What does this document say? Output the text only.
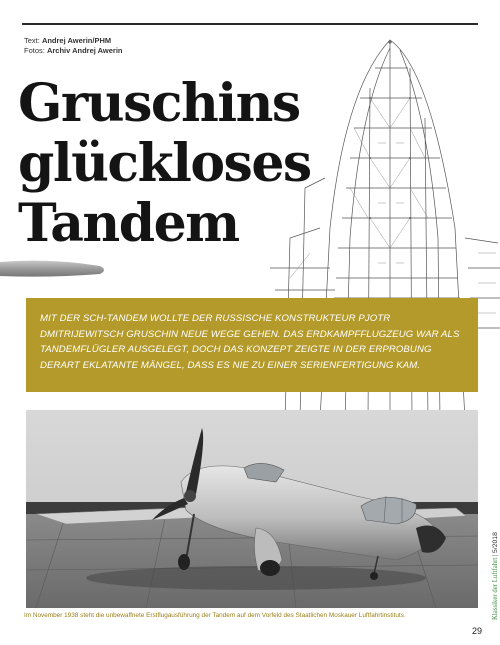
Text: Andrej Awerin/PHM
Fotos: Archiv Andrej Awerin
Gruschins
glückloses
Tandem

MIT DER SCH-TANDEM WOLLTE DER RUSSISCHE KONSTRUKTEUR PJOTR DMITRIJEWITSCH GRUSCHIN NEUE WEGE GEHEN. DAS ERDKAMPFFLUGZEUG WAR ALS TANDEMFLÜGLER AUSGELEGT, DOCH DAS KONZEPT ZEIGTE IN DER ERPROBUNG DERART EKLATANTE MÄNGEL, DASS ES NIE ZU EINER SERIENFERTIGUNG KAM.

Im November 1938 steht die unbewaffnete Erstflugausführung der Tandem auf dem Vorfeld des Staatlichen Moskauer Luftfahrtinstituts.	Klassiker der Luftfahrt | 5/2018
29
